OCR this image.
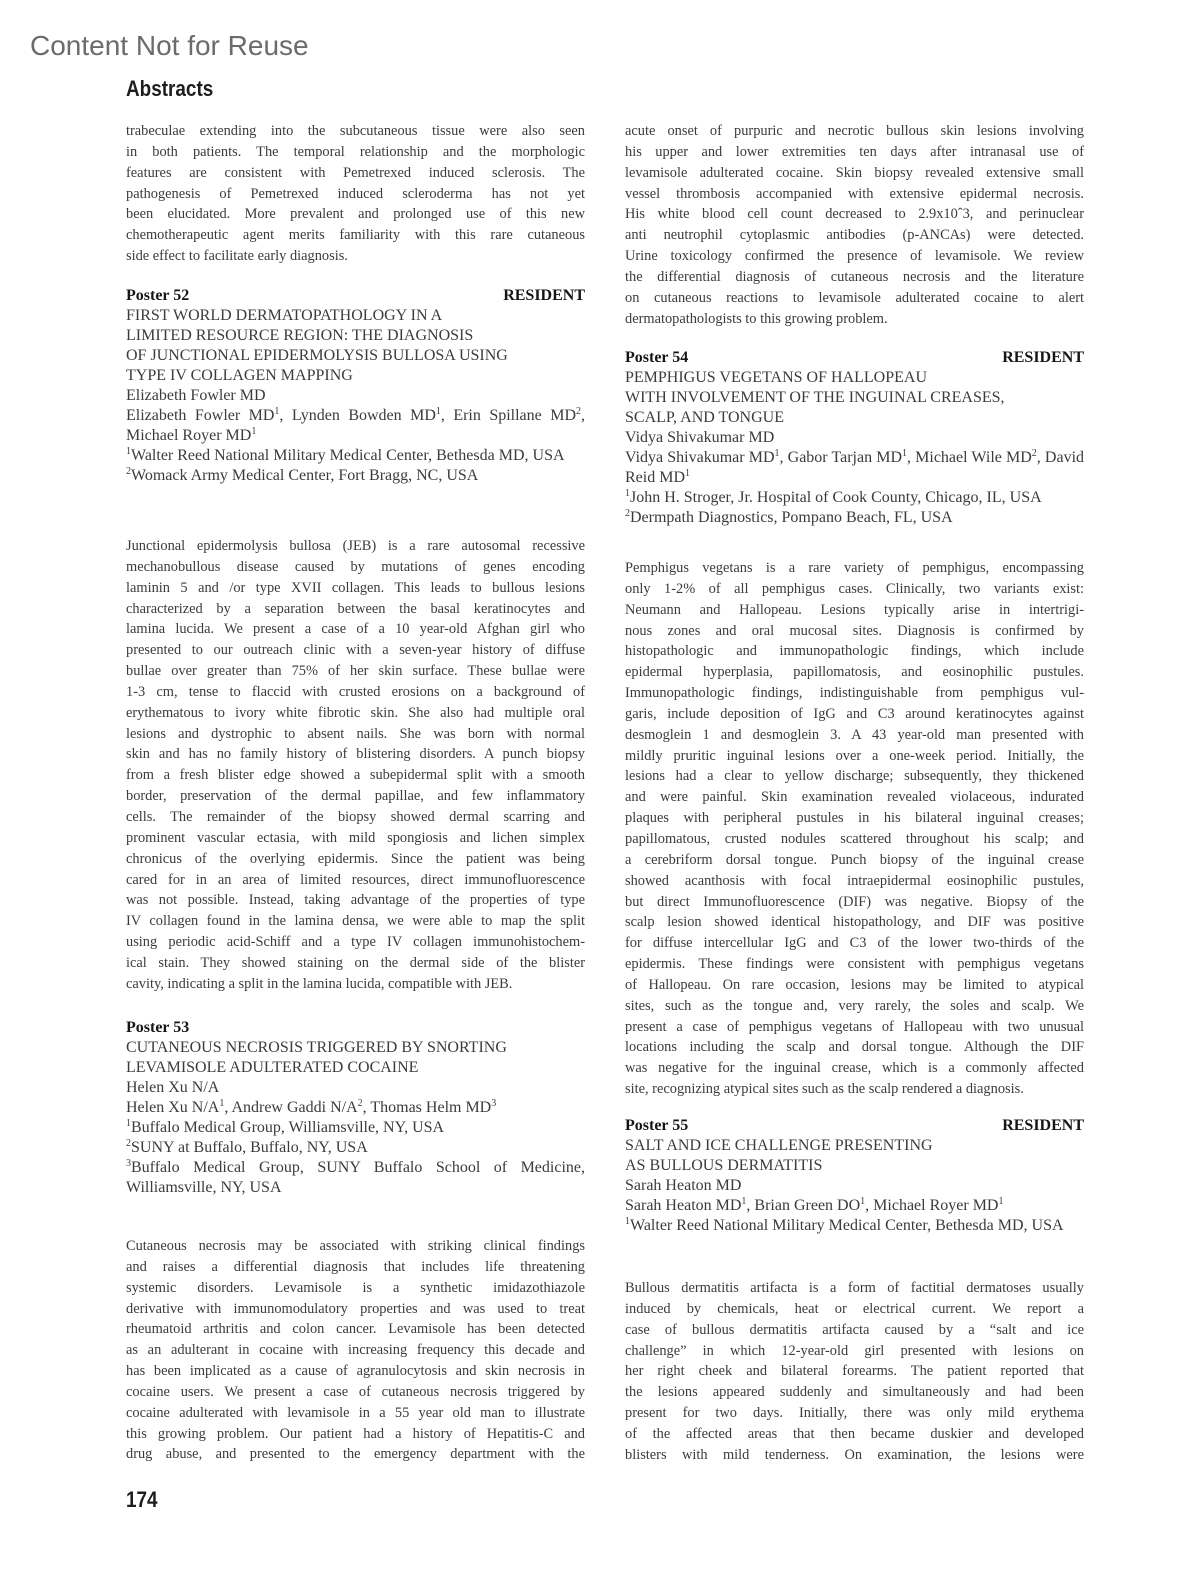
Content Not for Reuse
Abstracts
trabeculae extending into the subcutaneous tissue were also seen
in both patients. The temporal relationship and the morphologic
features are consistent with Pemetrexed induced sclerosis. The
pathogenesis of Pemetrexed induced scleroderma has not yet
been elucidated. More prevalent and prolonged use of this new
chemotherapeutic agent merits familiarity with this rare cutaneous
side effect to facilitate early diagnosis.
Poster 52	RESIDENT
FIRST WORLD DERMATOPATHOLOGY IN A
LIMITED RESOURCE REGION: THE DIAGNOSIS
OF JUNCTIONAL EPIDERMOLYSIS BULLOSA USING
TYPE IV COLLAGEN MAPPING
Elizabeth Fowler MD
Elizabeth Fowler $MD^1$, Lynden Bowden $MD^1$, Erin Spillane $MD^2$, Michael Royer $MD^1$
$^1$Walter Reed National Military Medical Center, Bethesda MD, USA
$^2$Womack Army Medical Center, Fort Bragg, NC, USA
Junctional epidermolysis bullosa (JEB) is a rare autosomal recessive
mechanobullous disease caused by mutations of genes encoding
laminin 5 and /or type XVII collagen. This leads to bullous lesions
characterized by a separation between the basal keratinocytes and
lamina lucida. We present a case of a 10 year-old Afghan girl who
presented to our outreach clinic with a seven-year history of diffuse
bullae over greater than 75% of her skin surface. These bullae were
1-3 cm, tense to flaccid with crusted erosions on a background of
erythematous to ivory white fibrotic skin. She also had multiple oral
lesions and dystrophic to absent nails. She was born with normal
skin and has no family history of blistering disorders. A punch biopsy
from a fresh blister edge showed a subepidermal split with a smooth
border, preservation of the dermal papillae, and few inflammatory
cells. The remainder of the biopsy showed dermal scarring and
prominent vascular ectasia, with mild spongiosis and lichen simplex
chronicus of the overlying epidermis. Since the patient was being
cared for in an area of limited resources, direct immunofluorescence
was not possible. Instead, taking advantage of the properties of type
IV collagen found in the lamina densa, we were able to map the split
using periodic acid-Schiff and a type IV collagen immunohistochem-
ical stain. They showed staining on the dermal side of the blister
cavity, indicating a split in the lamina lucida, compatible with JEB.
Poster 53
CUTANEOUS NECROSIS TRIGGERED BY SNORTING
LEVAMISOLE ADULTERATED COCAINE
Helen Xu N/A
Helen Xu $N/A^1$, Andrew Gaddi $N/A^2$, Thomas Helm $MD^3$
$^1$Buffalo Medical Group, Williamsville, NY, USA
$^2$SUNY at Buffalo, Buffalo, NY, USA
$^3$Buffalo Medical Group, SUNY Buffalo School of Medicine, Williamsville, NY, USA
Cutaneous necrosis may be associated with striking clinical findings
and raises a differential diagnosis that includes life threatening
systemic disorders. Levamisole is a synthetic imidazothiazole
derivative with immunomodulatory properties and was used to treat
rheumatoid arthritis and colon cancer. Levamisole has been detected
as an adulterant in cocaine with increasing frequency this decade and
has been implicated as a cause of agranulocytosis and skin necrosis in
cocaine users. We present a case of cutaneous necrosis triggered by
cocaine adulterated with levamisole in a 55 year old man to illustrate
this growing problem. Our patient had a history of Hepatitis-C and
drug abuse, and presented to the emergency department with the
acute onset of purpuric and necrotic bullous skin lesions involving
his upper and lower extremities ten days after intranasal use of
levamisole adulterated cocaine. Skin biopsy revealed extensive small
vessel thrombosis accompanied with extensive epidermal necrosis.
His white blood cell count decreased to 2.9x10ˆ3, and perinuclear
anti neutrophil cytoplasmic antibodies (p-ANCAs) were detected.
Urine toxicology confirmed the presence of levamisole. We review
the differential diagnosis of cutaneous necrosis and the literature
on cutaneous reactions to levamisole adulterated cocaine to alert
dermatopathologists to this growing problem.
Poster 54	RESIDENT
PEMPHIGUS VEGETANS OF HALLOPEAU
WITH INVOLVEMENT OF THE INGUINAL CREASES,
SCALP, AND TONGUE
Vidya Shivakumar MD
Vidya Shivakumar $MD^1$, Gabor Tarjan $MD^1$, Michael Wile $MD^2$, David Reid $MD^1$
$^1$John H. Stroger, Jr. Hospital of Cook County, Chicago, IL, USA
$^2$Dermpath Diagnostics, Pompano Beach, FL, USA
Pemphigus vegetans is a rare variety of pemphigus, encompassing
only 1-2% of all pemphigus cases. Clinically, two variants exist:
Neumann and Hallopeau. Lesions typically arise in intertrigi-
nous zones and oral mucosal sites. Diagnosis is confirmed by
histopathologic and immunopathologic findings, which include
epidermal hyperplasia, papillomatosis, and eosinophilic pustules.
Immunopathologic findings, indistinguishable from pemphigus vul-
garis, include deposition of IgG and C3 around keratinocytes against
desmoglein 1 and desmoglein 3. A 43 year-old man presented with
mildly pruritic inguinal lesions over a one-week period. Initially, the
lesions had a clear to yellow discharge; subsequently, they thickened
and were painful. Skin examination revealed violaceous, indurated
plaques with peripheral pustules in his bilateral inguinal creases;
papillomatous, crusted nodules scattered throughout his scalp; and
a cerebriform dorsal tongue. Punch biopsy of the inguinal crease
showed acanthosis with focal intraepidermal eosinophilic pustules,
but direct Immunofluorescence (DIF) was negative. Biopsy of the
scalp lesion showed identical histopathology, and DIF was positive
for diffuse intercellular IgG and C3 of the lower two-thirds of the
epidermis. These findings were consistent with pemphigus vegetans
of Hallopeau. On rare occasion, lesions may be limited to atypical
sites, such as the tongue and, very rarely, the soles and scalp. We
present a case of pemphigus vegetans of Hallopeau with two unusual
locations including the scalp and dorsal tongue. Although the DIF
was negative for the inguinal crease, which is a commonly affected
site, recognizing atypical sites such as the scalp rendered a diagnosis.
Poster 55	RESIDENT
SALT AND ICE CHALLENGE PRESENTING
AS BULLOUS DERMATITIS
Sarah Heaton MD
Sarah Heaton $MD^1$, Brian Green $DO^1$, Michael Royer $MD^1$
$^1$Walter Reed National Military Medical Center, Bethesda MD, USA
Bullous dermatitis artifacta is a form of factitial dermatoses usually
induced by chemicals, heat or electrical current. We report a
case of bullous dermatitis artifacta caused by a “salt and ice
challenge” in which 12-year-old girl presented with lesions on
her right cheek and bilateral forearms. The patient reported that
the lesions appeared suddenly and simultaneously and had been
present for two days. Initially, there was only mild erythema
of the affected areas that then became duskier and developed
blisters with mild tenderness. On examination, the lesions were
174
